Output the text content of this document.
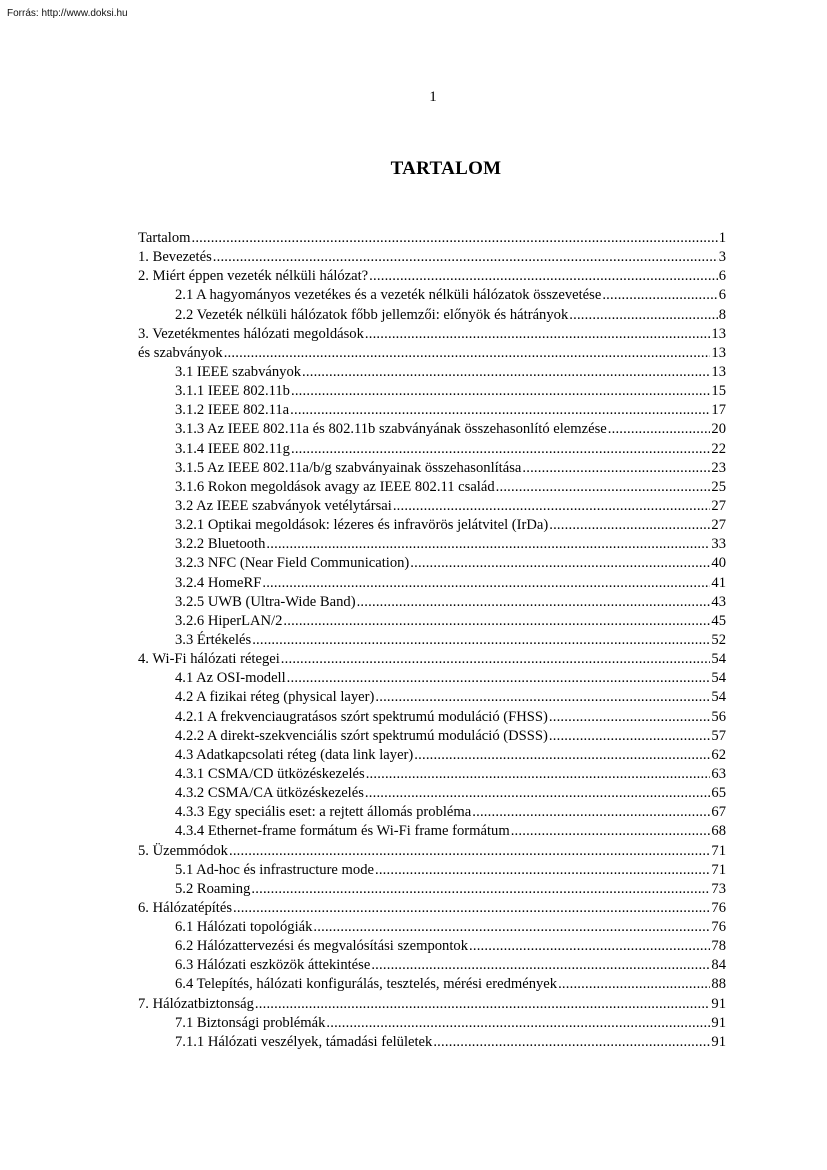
Forrás: http://www.doksi.hu
1
TARTALOM
Tartalom .....	1
1. Bevezetés .....	3
2. Miért éppen vezeték nélküli hálózat? .....	6
2.1 A hagyományos vezetékes és a vezeték nélküli hálózatok összevetése .....	6
2.2 Vezeték nélküli hálózatok főbb jellemzői: előnyök és hátrányok .....	8
3. Vezetékmentes hálózati megoldások .....	13
és szabványok .....	13
3.1 IEEE szabványok .....	13
3.1.1 IEEE 802.11b .....	15
3.1.2 IEEE 802.11a .....	17
3.1.3 Az IEEE 802.11a és 802.11b szabványának összehasonlító elemzése .....	20
3.1.4 IEEE 802.11g .....	22
3.1.5 Az IEEE 802.11a/b/g szabványainak összehasonlítása .....	23
3.1.6 Rokon megoldások avagy az IEEE 802.11 család .....	25
3.2 Az IEEE szabványok vetélytársai .....	27
3.2.1 Optikai megoldások: lézeres és infravörös jelátvitel (IrDa) .....	27
3.2.2 Bluetooth .....	33
3.2.3 NFC (Near Field Communication) .....	40
3.2.4 HomeRF .....	41
3.2.5 UWB (Ultra-Wide Band) .....	43
3.2.6 HiperLAN/2 .....	45
3.3 Értékelés .....	52
4. Wi-Fi hálózati rétegei .....	54
4.1 Az OSI-modell .....	54
4.2 A fizikai réteg (physical layer) .....	54
4.2.1 A frekvenciaugratásos szórt spektrumú moduláció (FHSS) .....	56
4.2.2 A direkt-szekvenciális szórt spektrumú moduláció (DSSS) .....	57
4.3 Adatkapcsolati réteg (data link layer) .....	62
4.3.1 CSMA/CD ütközéskezelés .....	63
4.3.2 CSMA/CA ütközéskezelés .....	65
4.3.3 Egy speciális eset: a rejtett állomás probléma .....	67
4.3.4 Ethernet-frame formátum és Wi-Fi frame formátum .....	68
5. Üzemmódok .....	71
5.1 Ad-hoc és infrastructure mode .....	71
5.2 Roaming .....	73
6. Hálózatépítés .....	76
6.1 Hálózati topológiák .....	76
6.2 Hálózattervezési és megvalósítási szempontok .....	78
6.3 Hálózati eszközök áttekintése .....	84
6.4 Telepítés, hálózati konfigurálás, tesztelés, mérési eredmények .....	88
7. Hálózatbiztonság .....	91
7.1 Biztonsági problémák .....	91
7.1.1 Hálózati veszélyek, támadási felületek .....	91
